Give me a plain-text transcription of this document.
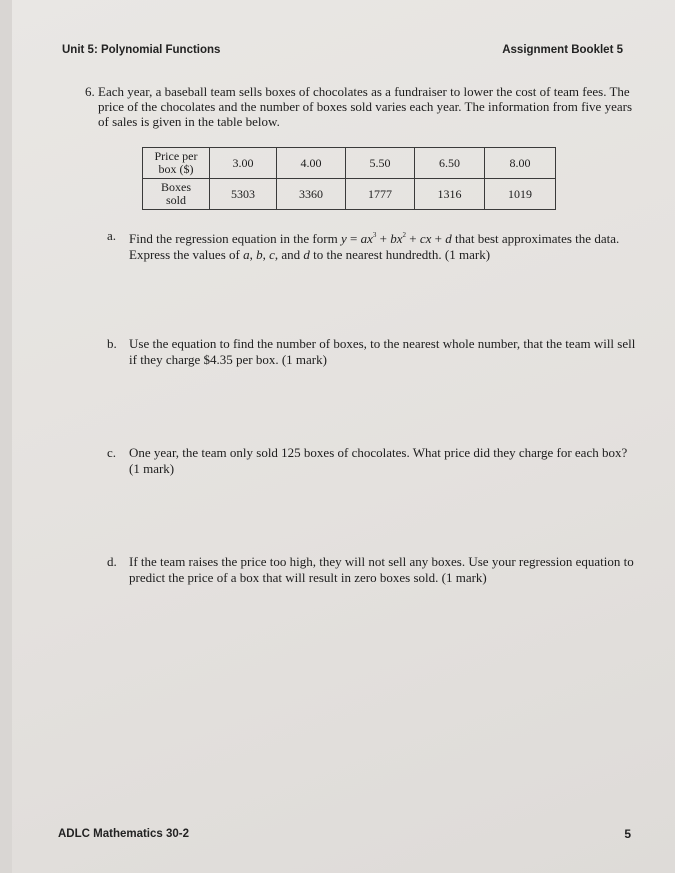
Unit 5: Polynomial Functions	Assignment Booklet 5
6. Each year, a baseball team sells boxes of chocolates as a fundraiser to lower the cost of team fees. The price of the chocolates and the number of boxes sold varies each year. The information from five years of sales is given in the table below.
Price per
box ($)	3.00	4.00	5.50	6.50	8.00
Boxes
sold	5303	3360	1777	1316	1019
a. Find the regression equation in the form $y = ax^3 + bx^2$ + cx + d that best approximates the data. Express the values of a, b, c, and d to the nearest hundredth. (1 mark)
b. Use the equation to find the number of boxes, to the nearest whole number, that the team will sell if they charge $4.35 per box. (1 mark)
c. One year, the team only sold 125 boxes of chocolates. What price did they charge for each box? (1 mark)
d. If the team raises the price too high, they will not sell any boxes. Use your regression equation to predict the price of a box that will result in zero boxes sold. (1 mark)
ADLC Mathematics 30-2	5
